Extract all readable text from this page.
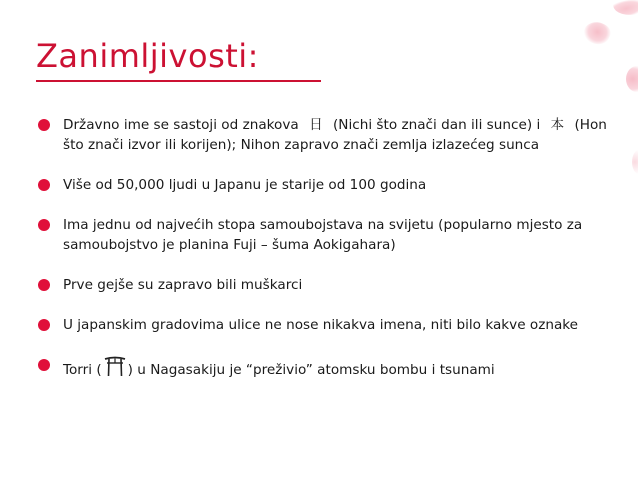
Zanimljivosti:
Državno ime se sastoji od znakova 日 (Nichi što znači dan ili sunce) i 本 (Hon što znači izvor ili korijen); Nihon zapravo znači zemlja izlazećeg sunca
Više od 50,000 ljudi u Japanu je starije od 100 godina
Ima jednu od najvećih stopa samoubojstava na svijetu (popularno mjesto za samoubojstvo je planina Fuji – šuma Aokigahara)
Prve gejše su zapravo bili muškarci
U japanskim gradovima ulice ne nose nikakva imena, niti bilo kakve oznake
Torri ( ) u Nagasakiju je “preživio” atomsku bombu i tsunami
